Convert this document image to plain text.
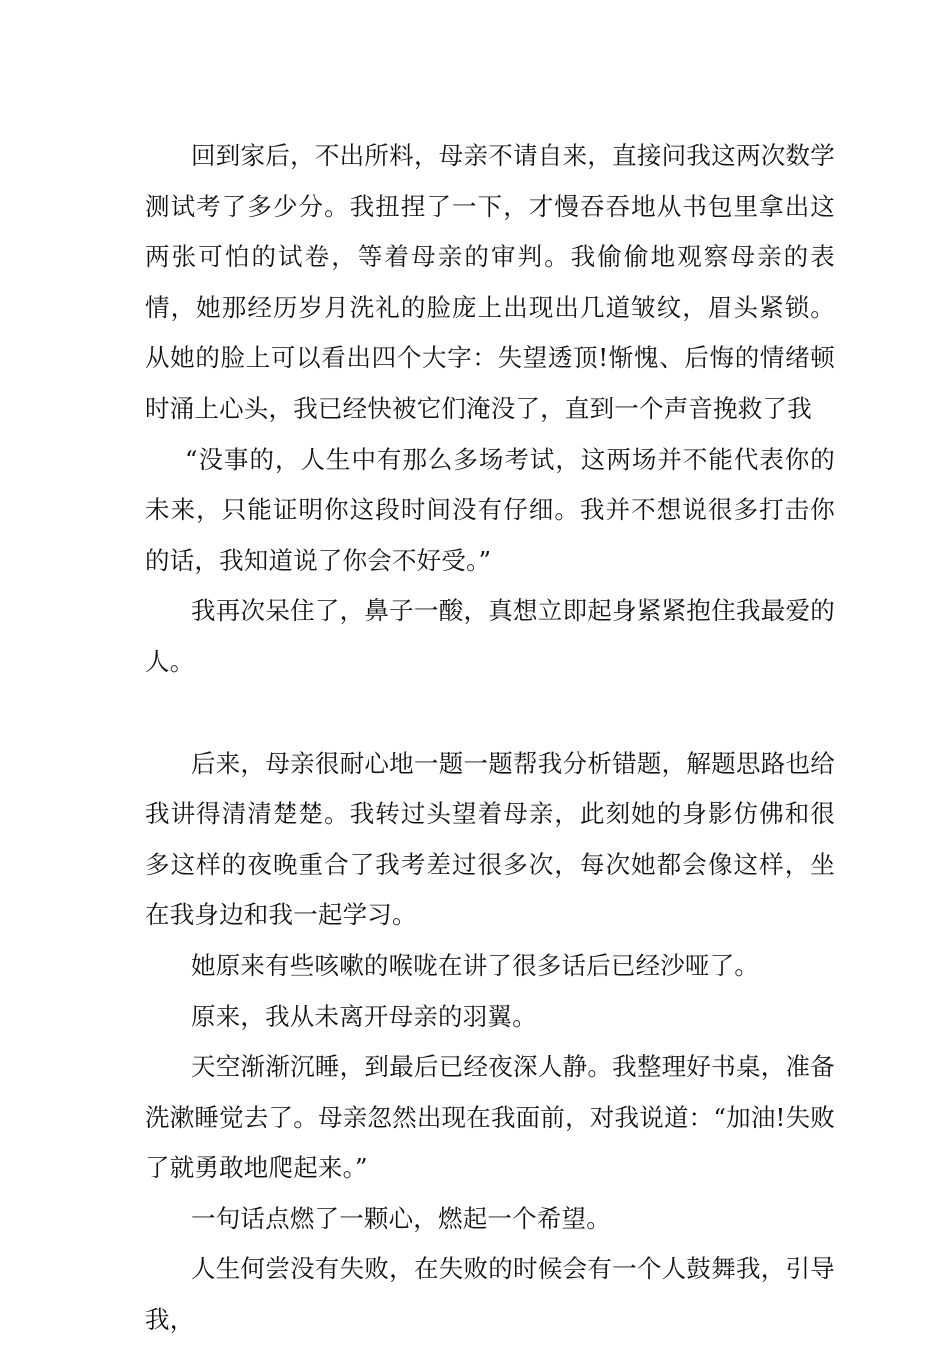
回到家后，不出所料，母亲不请自来，直接问我这两次数学测试考了多少分。我扭捏了一下，才慢吞吞地从书包里拿出这两张可怕的试卷，等着母亲的审判。我偷偷地观察母亲的表情，她那经历岁月洗礼的脸庞上出现出几道皱纹，眉头紧锁。从她的脸上可以看出四个大字：失望透顶!惭愧、后悔的情绪顿时涌上心头，我已经快被它们淹没了，直到一个声音挽救了我

“没事的，人生中有那么多场考试，这两场并不能代表你的未来，只能证明你这段时间没有仔细。我并不想说很多打击你的话，我知道说了你会不好受。”

我再次呆住了，鼻子一酸，真想立即起身紧紧抱住我最爱的人。

后来，母亲很耐心地一题一题帮我分析错题，解题思路也给我讲得清清楚楚。我转过头望着母亲，此刻她的身影仿佛和很多这样的夜晚重合了我考差过很多次，每次她都会像这样，坐在我身边和我一起学习。

她原来有些咳嗽的喉咙在讲了很多话后已经沙哑了。

原来，我从未离开母亲的羽翼。

天空渐渐沉睡，到最后已经夜深人静。我整理好书桌，准备洗漱睡觉去了。母亲忽然出现在我面前，对我说道：“加油!失败了就勇敢地爬起来。”

一句话点燃了一颗心，燃起一个希望。

人生何尝没有失败，在失败的时候会有一个人鼓舞我，引导我，
